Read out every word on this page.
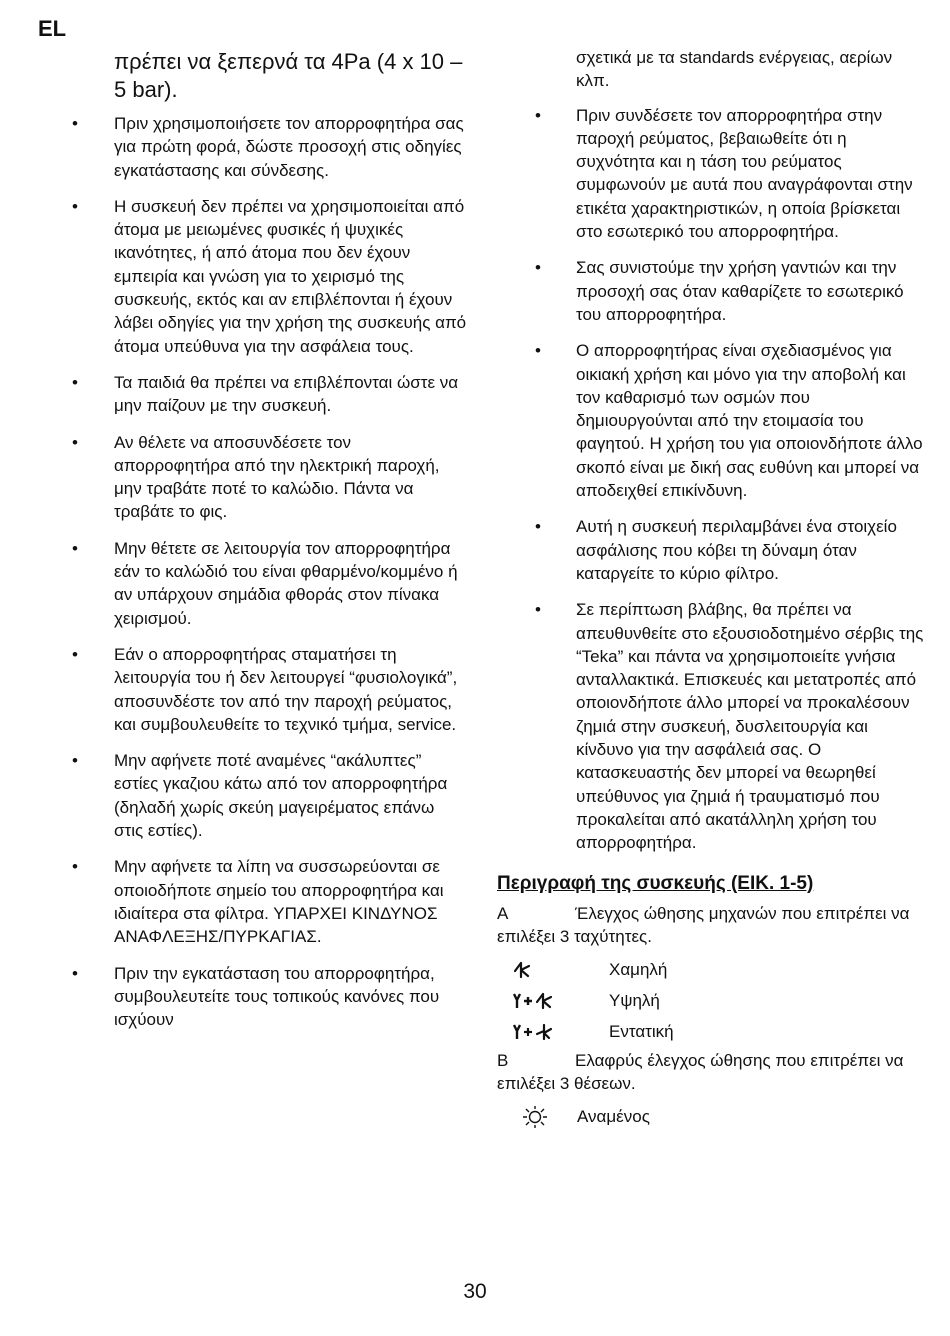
EL
πρέπει να ξεπερνά τα 4Pa (4 x 10 –5 bar).
• Πριν χρησιμοποιήσετε τον απορροφητήρα σας για πρώτη φορά, δώστε προσοχή στις οδηγίες εγκατάστασης και σύνδεσης.
• Η συσκευή δεν πρέπει να χρησιμοποιείται από άτομα με μειωμένες φυσικές ή ψυχικές ικανότητες, ή από άτομα που δεν έχουν εμπειρία και γνώση για το χειρισμό της συσκευής, εκτός και αν επιβλέπονται ή έχουν λάβει οδηγίες για την χρήση της συσκευής από άτομα υπεύθυνα για την ασφάλεια τους.
• Τα παιδιά θα πρέπει να επιβλέπονται ώστε να μην παίζουν με την συσκευή.
• Αν θέλετε να αποσυνδέσετε τον απορροφητήρα από την ηλεκτρική παροχή, μην τραβάτε ποτέ το καλώδιο. Πάντα να τραβάτε το φις.
• Μην θέτετε σε λειτουργία τον απορροφητήρα εάν το καλώδιό του είναι φθαρμένο/κομμένο ή αν υπάρχουν σημάδια φθοράς στον πίνακα χειρισμού.
• Εάν ο απορροφητήρας σταματήσει τη λειτουργία του ή δεν λειτουργεί “φυσιολογικά”, αποσυνδέστε τον από την παροχή ρεύματος, και συμβουλευθείτε το τεχνικό τμήμα, service.
• Μην αφήνετε ποτέ αναμένες “ακάλυπτες” εστίες γκαζιου κάτω από τον απορροφητήρα (δηλαδή χωρίς σκεύη μαγειρέματος επάνω στις εστίες).
• Μην αφήνετε τα λίπη να συσσωρεύονται σε οποιοδήποτε σημείο του απορροφητήρα και ιδιαίτερα στα φίλτρα. ΥΠΑΡΧΕΙ ΚΙΝΔΥΝΟΣ ΑΝΑΦΛΕΞΗΣ/ΠΥΡΚΑΓΙΑΣ.
• Πριν την εγκατάσταση του απορροφητήρα, συμβουλευτείτε τους τοπικούς κανόνες που ισχύουν
σχετικά με τα standards ενέργειας, αερίων κλπ.
• Πριν συνδέσετε τον απορροφητήρα στην παροχή ρεύματος, βεβαιωθείτε ότι η συχνότητα και η τάση του ρεύματος συμφωνούν με αυτά που αναγράφονται στην ετικέτα χαρακτηριστικών, η οποία βρίσκεται στο εσωτερικό του απορροφητήρα.
• Σας συνιστούμε την χρήση γαντιών και την προσοχή σας όταν καθαρίζετε το εσωτερικό του απορροφητήρα.
• Ο απορροφητήρας είναι σχεδιασμένος για οικιακή χρήση και μόνο για την αποβολή και τον καθαρισμό των οσμών που δημιουργούνται από την ετοιμασία του φαγητού. Η χρήση του για οποιονδήποτε άλλο σκοπό είναι με δική σας ευθύνη και μπορεί να αποδειχθεί επικίνδυνη.
• Αυτή η συσκευή περιλαμβάνει ένα στοιχείο ασφάλισης που κόβει τη δύναμη όταν καταργείτε το κύριο φίλτρο.
• Σε περίπτωση βλάβης, θα πρέπει να απευθυνθείτε στο εξουσιοδοτημένο σέρβις της “Teka” και πάντα να χρησιμοποιείτε γνήσια ανταλλακτικά. Επισκευές και μετατροπές από οποιονδήποτε άλλο μπορεί να προκαλέσουν ζημιά στην συσκευή, δυσλειτουργία και κίνδυνο για την ασφάλειά σας. Ο κατασκευαστής δεν μπορεί να θεωρηθεί υπεύθυνος για ζημιά ή τραυματισμό που προκαλείται από ακατάλληλη χρήση του απορροφητήρα.
Περιγραφή της συσκευής (ΕΙΚ. 1-5)
A	Έλεγχος ώθησης μηχανών που επιτρέπει να επιλέξει 3 ταχύτητες.
Χαμηλή
Υψηλή
Εντατική
B	Ελαφρύς έλεγχος ώθησης που επιτρέπει να επιλέξει 3 θέσεων.
Αναμένος
30
